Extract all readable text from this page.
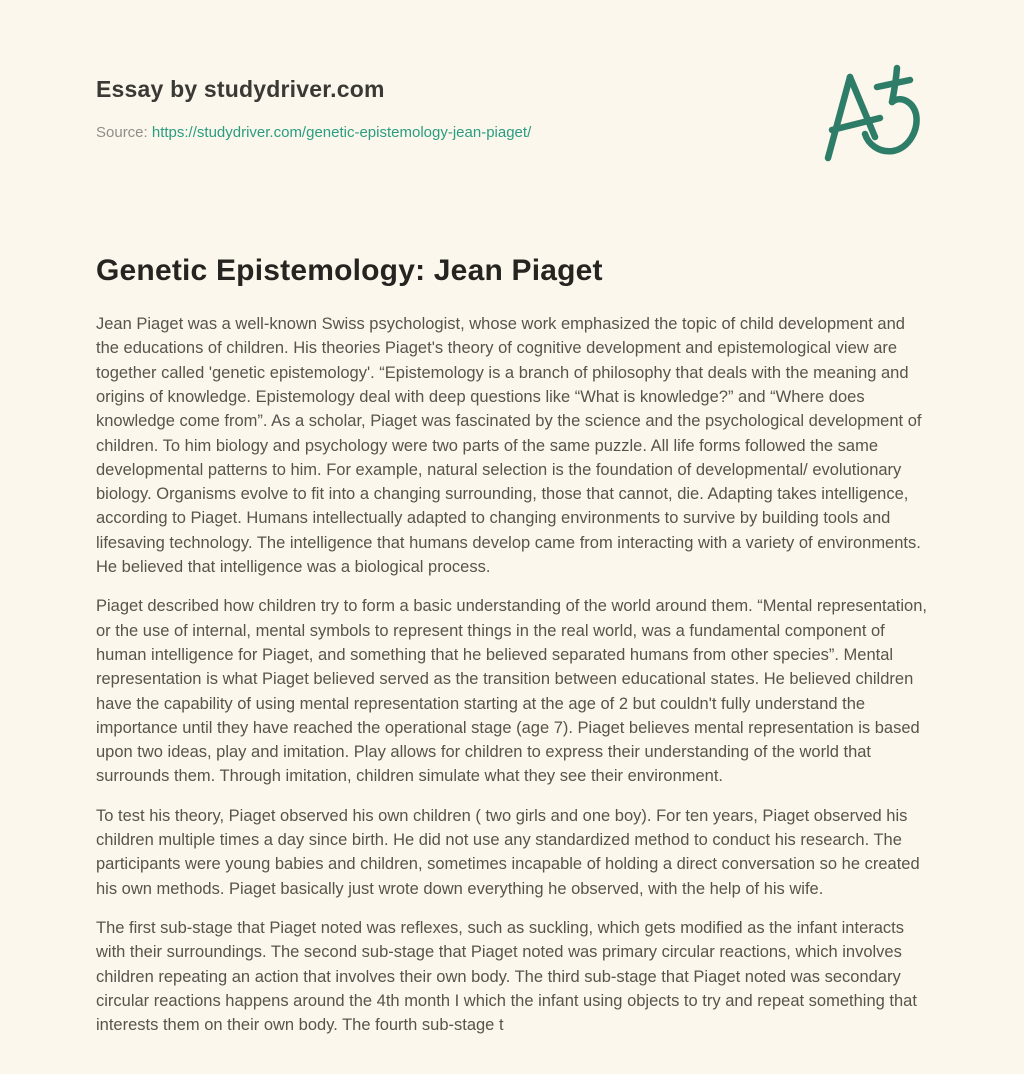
Essay by studydriver.com
Source: https://studydriver.com/genetic-epistemology-jean-piaget/
Genetic Epistemology: Jean Piaget

Jean Piaget was a well-known Swiss psychologist, whose work emphasized the topic of child development and the educations of children. His theories Piaget's theory of cognitive development and epistemological view are together called 'genetic epistemology'. “Epistemology is a branch of philosophy that deals with the meaning and origins of knowledge. Epistemology deal with deep questions like “What is knowledge?” and “Where does knowledge come from”. As a scholar, Piaget was fascinated by the science and the psychological development of children. To him biology and psychology were two parts of the same puzzle. All life forms followed the same developmental patterns to him. For example, natural selection is the foundation of developmental/ evolutionary biology. Organisms evolve to fit into a changing surrounding, those that cannot, die. Adapting takes intelligence, according to Piaget. Humans intellectually adapted to changing environments to survive by building tools and lifesaving technology. The intelligence that humans develop came from interacting with a variety of environments. He believed that intelligence was a biological process.

Piaget described how children try to form a basic understanding of the world around them. “Mental representation, or the use of internal, mental symbols to represent things in the real world, was a fundamental component of human intelligence for Piaget, and something that he believed separated humans from other species”. Mental representation is what Piaget believed served as the transition between educational states. He believed children have the capability of using mental representation starting at the age of 2 but couldn't fully understand the importance until they have reached the operational stage (age 7). Piaget believes mental representation is based upon two ideas, play and imitation. Play allows for children to express their understanding of the world that surrounds them. Through imitation, children simulate what they see their environment.

To test his theory, Piaget observed his own children ( two girls and one boy). For ten years, Piaget observed his children multiple times a day since birth. He did not use any standardized method to conduct his research. The participants were young babies and children, sometimes incapable of holding a direct conversation so he created his own methods. Piaget basically just wrote down everything he observed, with the help of his wife.

The first sub-stage that Piaget noted was reflexes, such as suckling, which gets modified as the infant interacts with their surroundings. The second sub-stage that Piaget noted was primary circular reactions, which involves children repeating an action that involves their own body. The third sub-stage that Piaget noted was secondary circular reactions happens around the 4th month I which the infant using objects to try and repeat something that interests them on their own body. The fourth sub-stage t
